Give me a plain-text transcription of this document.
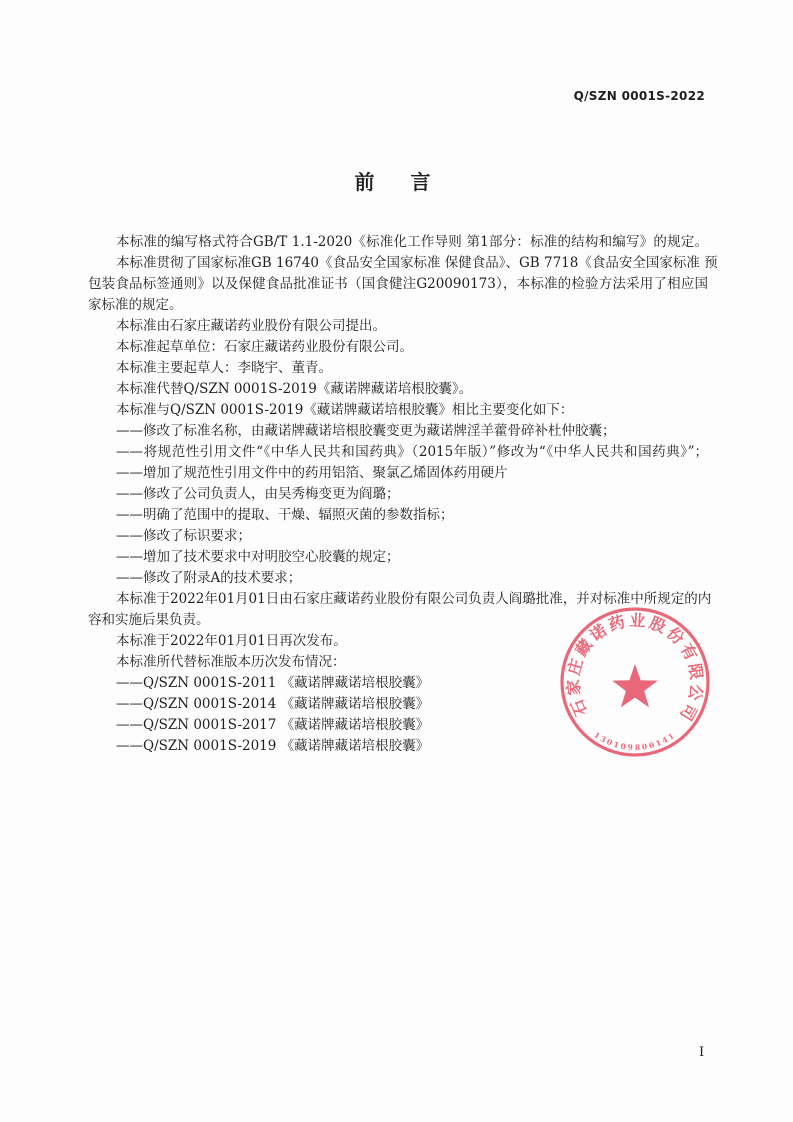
Q/SZN 0001S-2022
前　言
本标准的编写格式符合GB/T 1.1-2020《标准化工作导则 第1部分：标准的结构和编写》的规定。
本标准贯彻了国家标准GB 16740《食品安全国家标准 保健食品》、GB 7718《食品安全国家标准 预
包装食品标签通则》以及保健食品批准证书（国食健注G20090173），本标准的检验方法采用了相应国
家标准的规定。
本标准由石家庄藏诺药业股份有限公司提出。
本标准起草单位：石家庄藏诺药业股份有限公司。
本标准主要起草人：李晓宇、董青。
本标准代替Q/SZN 0001S-2019《藏诺牌藏诺培根胶囊》。
本标准与Q/SZN 0001S-2019《藏诺牌藏诺培根胶囊》相比主要变化如下：
——修改了标准名称，由藏诺牌藏诺培根胶囊变更为藏诺牌淫羊藿骨碎补杜仲胶囊；
——将规范性引用文件“《中华人民共和国药典》（2015年版）”修改为“《中华人民共和国药典》”；
——增加了规范性引用文件中的药用铝箔、聚氯乙烯固体药用硬片
——修改了公司负责人，由吴秀梅变更为阎璐；
——明确了范围中的提取、干燥、辐照灭菌的参数指标；
——修改了标识要求；
——增加了技术要求中对明胶空心胶囊的规定；
——修改了附录A的技术要求；
本标准于2022年01月01日由石家庄藏诺药业股份有限公司负责人阎璐批准，并对标准中所规定的内
容和实施后果负责。
本标准于2022年01月01日再次发布。
本标准所代替标准版本历次发布情况：
——Q/SZN 0001S-2011 《藏诺牌藏诺培根胶囊》
——Q/SZN 0001S-2014 《藏诺牌藏诺培根胶囊》
——Q/SZN 0001S-2017 《藏诺牌藏诺培根胶囊》
——Q/SZN 0001S-2019 《藏诺牌藏诺培根胶囊》
石家庄藏诺药业股份有限公司
130109800141
I
